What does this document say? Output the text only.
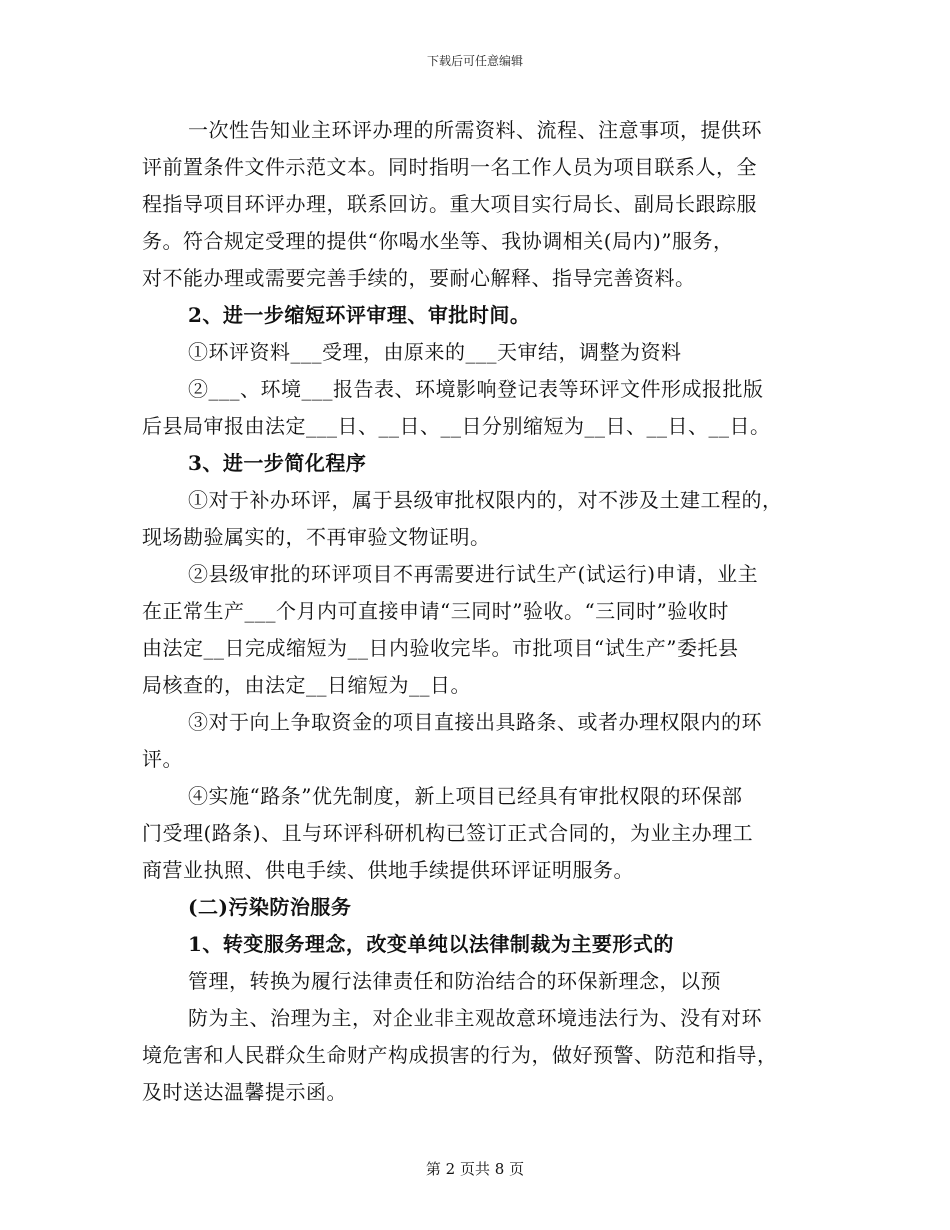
下载后可任意编辑
一次性告知业主环评办理的所需资料、流程、注意事项，提供环
评前置条件文件示范文本。同时指明一名工作人员为项目联系人，全
程指导项目环评办理，联系回访。重大项目实行局长、副局长跟踪服
务。符合规定受理的提供“你喝水坐等、我协调相关(局内)”服务，
对不能办理或需要完善手续的，要耐心解释、指导完善资料。
2、进一步缩短环评审理、审批时间。
①环评资料___受理，由原来的___天审结，调整为资料
②___、环境___报告表、环境影响登记表等环评文件形成报批版
后县局审报由法定___日、__日、__日分别缩短为__日、__日、__日。
3、进一步简化程序
①对于补办环评，属于县级审批权限内的，对不涉及土建工程的，
现场勘验属实的，不再审验文物证明。
②县级审批的环评项目不再需要进行试生产(试运行)申请，业主
在正常生产___个月内可直接申请“三同时”验收。“三同时”验收时
由法定__日完成缩短为__日内验收完毕。市批项目“试生产”委托县
局核查的，由法定__日缩短为__日。
③对于向上争取资金的项目直接出具路条、或者办理权限内的环
评。
④实施“路条”优先制度，新上项目已经具有审批权限的环保部
门受理(路条)、且与环评科研机构已签订正式合同的，为业主办理工
商营业执照、供电手续、供地手续提供环评证明服务。
(二)污染防治服务
1、转变服务理念，改变单纯以法律制裁为主要形式的
管理，转换为履行法律责任和防治结合的环保新理念，以预
防为主、治理为主，对企业非主观故意环境违法行为、没有对环
境危害和人民群众生命财产构成损害的行为，做好预警、防范和指导，
及时送达温馨提示函。
第 2 页共 8 页
